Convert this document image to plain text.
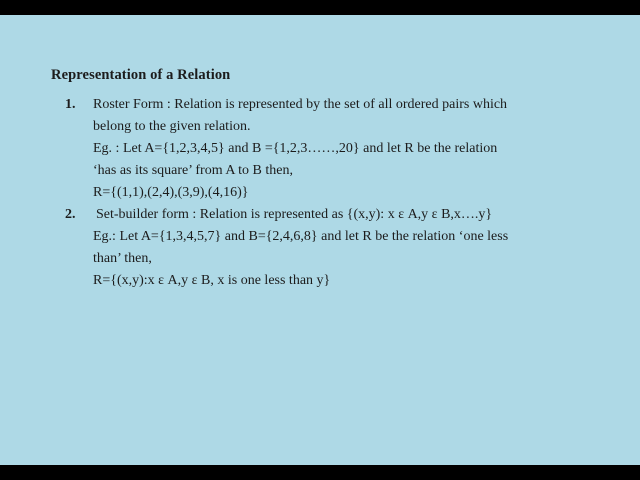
Representation of a Relation
1.	Roster Form : Relation is represented by the set of all ordered pairs which
belong to the given relation.
Eg. : Let A={1,2,3,4,5} and B ={1,2,3……,20} and let R be the relation
‘has as its square’ from A to B then,
R={(1,1),(2,4),(3,9),(4,16)}
2.	Set-builder form : Relation is represented as {(x,y): x ε A,y ε B,x….y}
Eg.: Let A={1,3,4,5,7} and B={2,4,6,8} and let R be the relation ‘one less
than’ then,
R={(x,y):x ε A,y ε B, x is one less than y}
